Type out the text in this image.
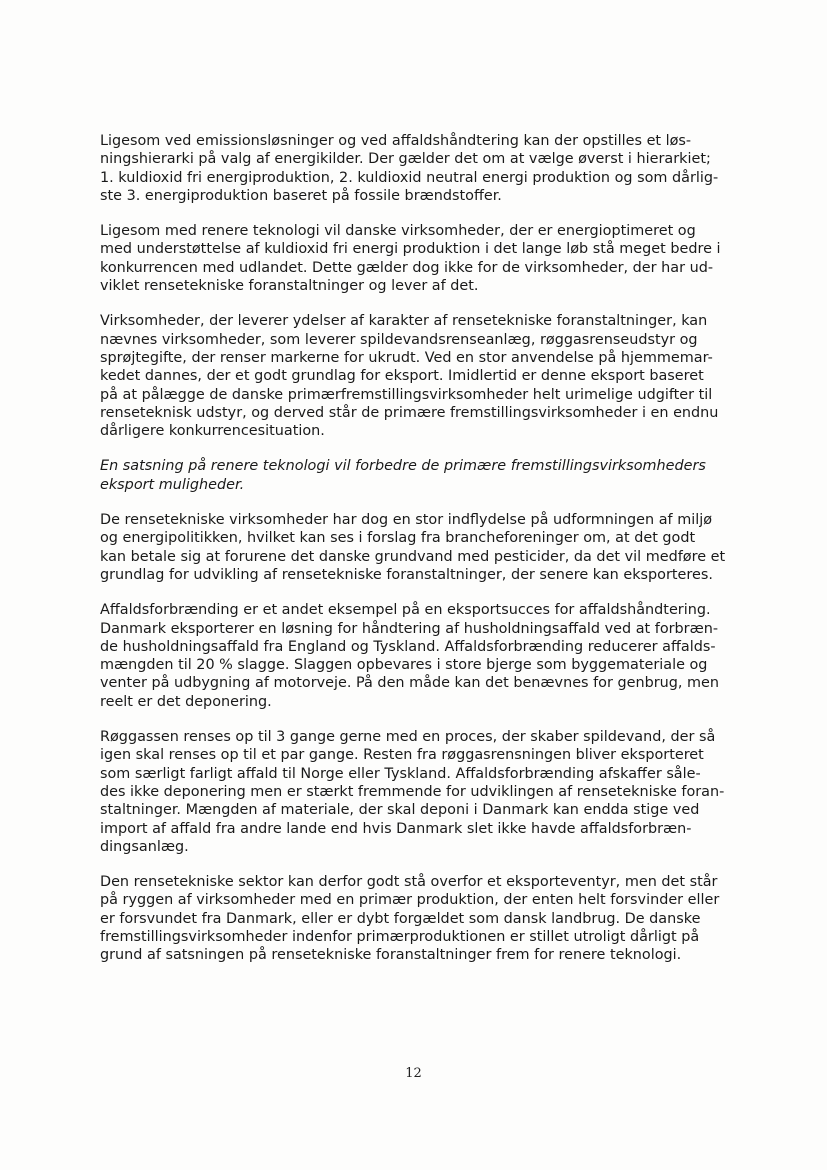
Ligesom ved emissionsløsninger og ved affaldshåndtering kan der opstilles et løs-
ningshierarki på valg af energikilder. Der gælder det om at vælge øverst i hierarkiet;
1. kuldioxid fri energiproduktion, 2. kuldioxid neutral energi produktion og som dårlig-
ste 3. energiproduktion baseret på fossile brændstoffer.

Ligesom med renere teknologi vil danske virksomheder, der er energioptimeret og
med understøttelse af kuldioxid fri energi produktion i det lange løb stå meget bedre i
konkurrencen med udlandet. Dette gælder dog ikke for de virksomheder, der har ud-
viklet rensetekniske foranstaltninger og lever af det.

Virksomheder, der leverer ydelser af karakter af rensetekniske foranstaltninger, kan
nævnes virksomheder, som leverer spildevandsrenseanlæg, røggasrenseudstyr og
sprøjtegifte, der renser markerne for ukrudt. Ved en stor anvendelse på hjemmemar-
kedet dannes, der et godt grundlag for eksport. Imidlertid er denne eksport baseret
på at pålægge de danske primærfremstillingsvirksomheder helt urimelige udgifter til
renseteknisk udstyr, og derved står de primære fremstillingsvirksomheder i en endnu
dårligere konkurrencesituation.

En satsning på renere teknologi vil forbedre de primære fremstillingsvirksomheders
eksport muligheder.

De rensetekniske virksomheder har dog en stor indflydelse på udformningen af miljø
og energipolitikken, hvilket kan ses i forslag fra brancheforeninger om, at det godt
kan betale sig at forurene det danske grundvand med pesticider, da det vil medføre et
grundlag for udvikling af rensetekniske foranstaltninger, der senere kan eksporteres.

Affaldsforbrænding er et andet eksempel på en eksportsucces for affaldshåndtering.
Danmark eksporterer en løsning for håndtering af husholdningsaffald ved at forbræn-
de husholdningsaffald fra England og Tyskland. Affaldsforbrænding reducerer affalds-
mængden til 20 % slagge. Slaggen opbevares i store bjerge som byggemateriale og
venter på udbygning af motorveje. På den måde kan det benævnes for genbrug, men
reelt er det deponering.

Røggassen renses op til 3 gange gerne med en proces, der skaber spildevand, der så
igen skal renses op til et par gange. Resten fra røggasrensningen bliver eksporteret
som særligt farligt affald til Norge eller Tyskland. Affaldsforbrænding afskaffer såle-
des ikke deponering men er stærkt fremmende for udviklingen af rensetekniske foran-
staltninger. Mængden af materiale, der skal deponi i Danmark kan endda stige ved
import af affald fra andre lande end hvis Danmark slet ikke havde affaldsforbræn-
dingsanlæg.

Den rensetekniske sektor kan derfor godt stå overfor et eksporteventyr, men det står
på ryggen af virksomheder med en primær produktion, der enten helt forsvinder eller
er forsvundet fra Danmark, eller er dybt forgældet som dansk landbrug. De danske
fremstillingsvirksomheder indenfor primærproduktionen er stillet utroligt dårligt på
grund af satsningen på rensetekniske foranstaltninger frem for renere teknologi.

12
